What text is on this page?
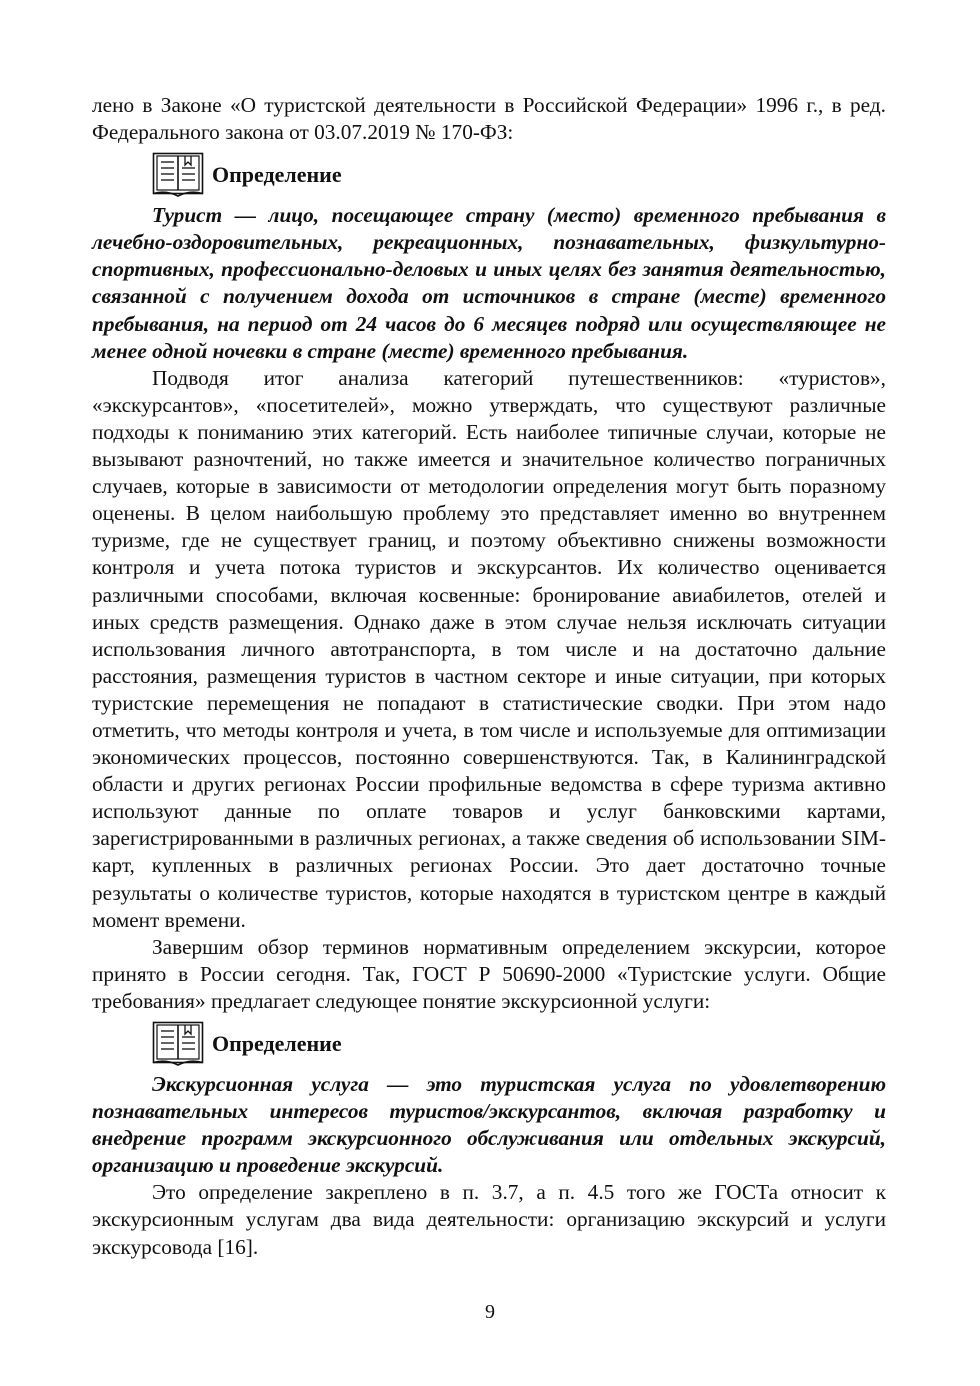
лено в Законе «О туристской деятельности в Российской Федерации» 1996 г., в ред. Федерального закона от 03.07.2019 № 170-ФЗ:

Определение

Турист — лицо, посещающее страну (место) временного пребывания в лечебно-оздоровительных, рекреационных, познавательных, физкультурно-спортивных, профессионально-деловых и иных целях без занятия деятельностью, связанной с получением дохода от источников в стране (месте) временного пребывания, на период от 24 часов до 6 месяцев подряд или осуществляющее не менее одной ночевки в стране (месте) временного пребывания.

Подводя итог анализа категорий путешественников: «туристов», «экскурсантов», «посетителей», можно утверждать, что существуют различные подходы к пониманию этих категорий. Есть наиболее типичные случаи, которые не вызывают разночтений, но также имеется и значительное количество пограничных случаев, которые в зависимости от методологии определения могут быть поразному оценены. В целом наибольшую проблему это представляет именно во внутреннем туризме, где не существует границ, и поэтому объективно снижены возможности контроля и учета потока туристов и экскурсантов. Их количество оценивается различными способами, включая косвенные: бронирование авиабилетов, отелей и иных средств размещения. Однако даже в этом случае нельзя исключать ситуации использования личного автотранспорта, в том числе и на достаточно дальние расстояния, размещения туристов в частном секторе и иные ситуации, при которых туристские перемещения не попадают в статистические сводки. При этом надо отметить, что методы контроля и учета, в том числе и используемые для оптимизации экономических процессов, постоянно совершенствуются. Так, в Калининградской области и других регионах России профильные ведомства в сфере туризма активно используют данные по оплате товаров и услуг банковскими картами, зарегистрированными в различных регионах, а также сведения об использовании SIM-карт, купленных в различных регионах России. Это дает достаточно точные результаты о количестве туристов, которые находятся в туристском центре в каждый момент времени.

Завершим обзор терминов нормативным определением экскурсии, которое принято в России сегодня. Так, ГОСТ Р 50690-2000 «Туристские услуги. Общие требования» предлагает следующее понятие экскурсионной услуги:

Определение

Экскурсионная услуга — это туристская услуга по удовлетворению познавательных интересов туристов/экскурсантов, включая разработку и внедрение программ экскурсионного обслуживания или отдельных экскурсий, организацию и проведение экскурсий.

Это определение закреплено в п. 3.7, а п. 4.5 того же ГОСТа относит к экскурсионным услугам два вида деятельности: организацию экскурсий и услуги экскурсовода [16].

9
